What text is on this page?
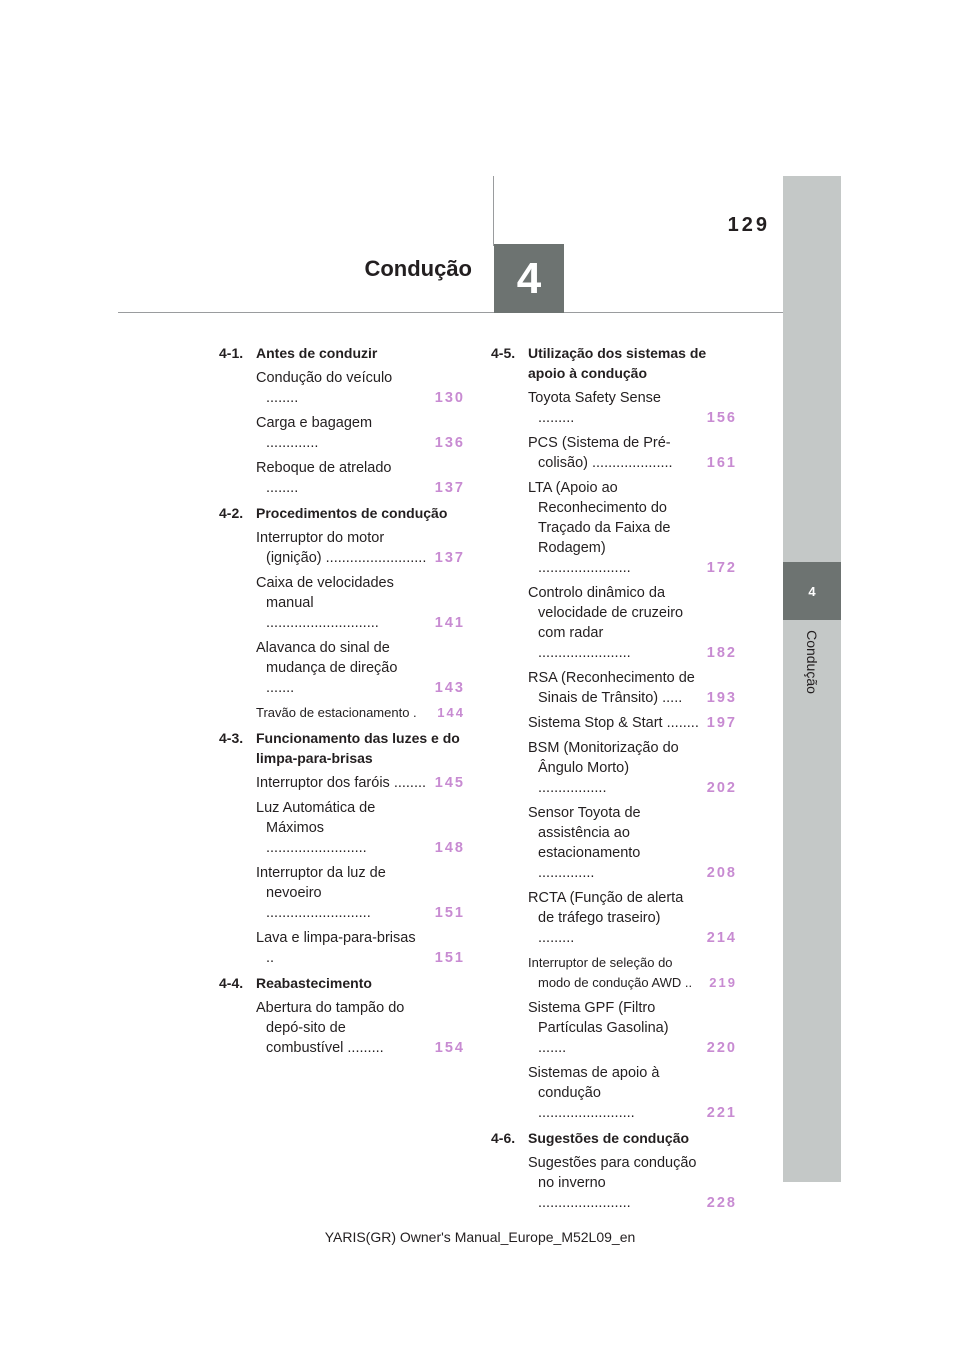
4
Condução
129
4
Condução
4-1. Antes de conduzir
Condução do veículo ........	130
Carga e bagagem .............	136
Reboque de atrelado ........	137
4-2. Procedimentos de condução
Interruptor do motor (ignição) ......................... 137
Caixa de velocidades manual ............................	141
Alavanca do sinal de mudança de direção .......	143
Travão de estacionamento .	144
4-3. Funcionamento das luzes e do limpa-para-brisas
Interruptor dos faróis ........ 145
Luz Automática de Máximos .........................	148
Interruptor da luz de nevoeiro ..........................	151
Lava e limpa-para-brisas ..	151
4-4. Reabastecimento
Abertura do tampão do depó-sito de combustível .........	154
4-5. Utilização dos sistemas de apoio à condução
Toyota Safety Sense .........	156
PCS (Sistema de Pré-colisão) ....................	161
LTA (Apoio ao Reconhecimento do Traçado da Faixa de Rodagem) .......................	172
Controlo dinâmico da velocidade de cruzeiro com radar .......................	182
RSA (Reconhecimento de Sinais de Trânsito) .....	193
Sistema Stop & Start ........ 197
BSM (Monitorização do Ângulo Morto) .................	202
Sensor Toyota de assistência ao estacionamento ..............	208
RCTA (Função de alerta de tráfego traseiro) .........	214
Interruptor de seleção do modo de condução AWD ..	219
Sistema GPF (Filtro Partículas Gasolina) .......	220
Sistemas de apoio à condução ........................	221
4-6. Sugestões de condução
Sugestões para condução no inverno .......................	228
YARIS(GR) Owner's Manual_Europe_M52L09_en
